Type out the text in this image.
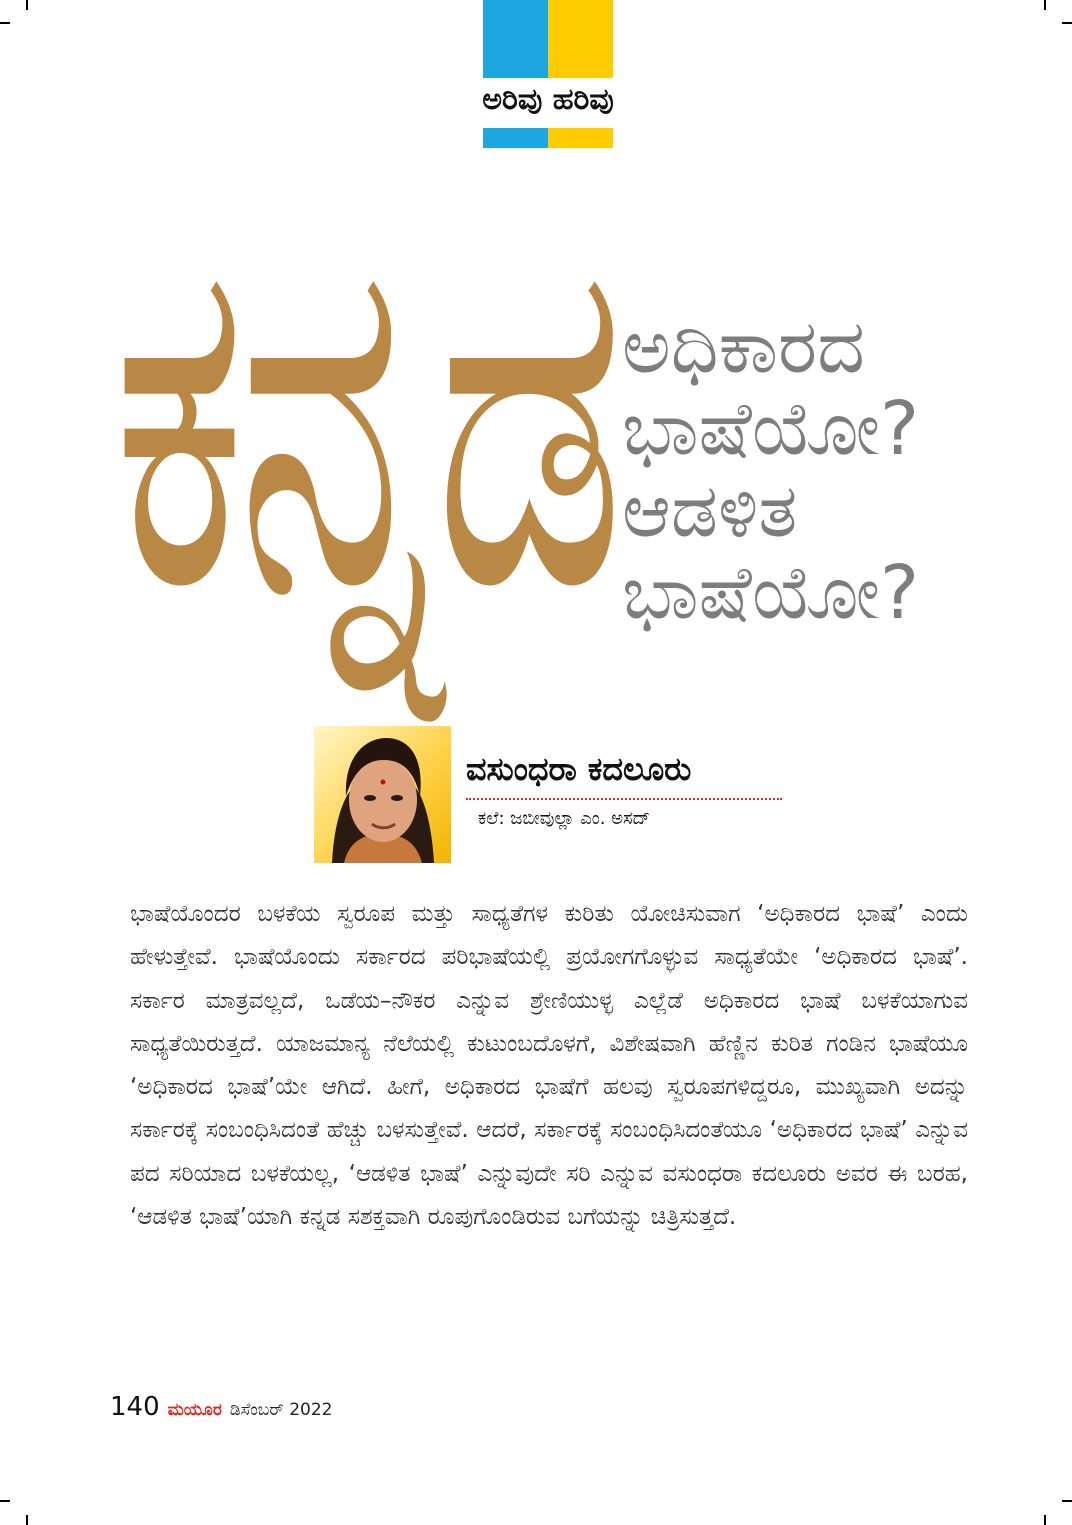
ಅರಿವು ಹರಿವು
ಕನ್ನಡ ಅಧಿಕಾರದ
ಭಾಷೆಯೋ?
ಆಡಳಿತ
ಭಾಷೆಯೋ?
ವಸುಂಧರಾ ಕದಲೂರು
ಕಲೆ: ಜಬೀವುಲ್ಲಾ ಎಂ. ಅಸದ್
ಭಾಷೆಯೊಂದರ ಬಳಕೆಯ ಸ್ವರೂಪ ಮತ್ತು ಸಾಧ್ಯತೆಗಳ ಕುರಿತು ಯೋಚಿಸುವಾಗ ‘ಅಧಿಕಾರದ ಭಾಷೆ’ ಎಂದು ಹೇಳುತ್ತೇವೆ. ಭಾಷೆಯೊಂದು ಸರ್ಕಾರದ ಪರಿಭಾಷೆಯಲ್ಲಿ ಪ್ರಯೋಗಗೊಳ್ಳುವ ಸಾಧ್ಯತೆಯೇ ‘ಅಧಿಕಾರದ ಭಾಷೆ’. ಸರ್ಕಾರ ಮಾತ್ರವಲ್ಲದೆ, ಒಡೆಯ–ನೌಕರ ಎನ್ನುವ ಶ್ರೇಣಿಯುಳ್ಳ ಎಲ್ಲೆಡೆ ಅಧಿಕಾರದ ಭಾಷೆ ಬಳಕೆಯಾಗುವ ಸಾಧ್ಯತೆಯಿರುತ್ತದೆ. ಯಾಜಮಾನ್ಯ ನೆಲೆಯಲ್ಲಿ ಕುಟುಂಬದೊಳಗೆ, ವಿಶೇಷವಾಗಿ ಹೆಣ್ಣಿನ ಕುರಿತ ಗಂಡಿನ ಭಾಷೆಯೂ ‘ಅಧಿಕಾರದ ಭಾಷೆ’ಯೇ ಆಗಿದೆ. ಹೀಗೆ, ಅಧಿಕಾರದ ಭಾಷೆಗೆ ಹಲವು ಸ್ವರೂಪಗಳಿದ್ದರೂ, ಮುಖ್ಯವಾಗಿ ಅದನ್ನು ಸರ್ಕಾರಕ್ಕೆ ಸಂಬಂಧಿಸಿದಂತೆ ಹೆಚ್ಚು ಬಳಸುತ್ತೇವೆ. ಆದರೆ, ಸರ್ಕಾರಕ್ಕೆ ಸಂಬಂಧಿಸಿದಂತೆಯೂ ‘ಅಧಿಕಾರದ ಭಾಷೆ’ ಎನ್ನುವ ಪದ ಸರಿಯಾದ ಬಳಕೆಯಲ್ಲ, ‘ಆಡಳಿತ ಭಾಷೆ’ ಎನ್ನುವುದೇ ಸರಿ ಎನ್ನುವ ವಸುಂಧರಾ ಕದಲೂರು ಅವರ ಈ ಬರಹ, ‘ಆಡಳಿತ ಭಾಷೆ’ಯಾಗಿ ಕನ್ನಡ ಸಶಕ್ತವಾಗಿ ರೂಪುಗೊಂಡಿರುವ ಬಗೆಯನ್ನು ಚಿತ್ರಿಸುತ್ತದೆ.
140 ಮಯೂರ ಡಿಸೆಂಬರ್ 2022
